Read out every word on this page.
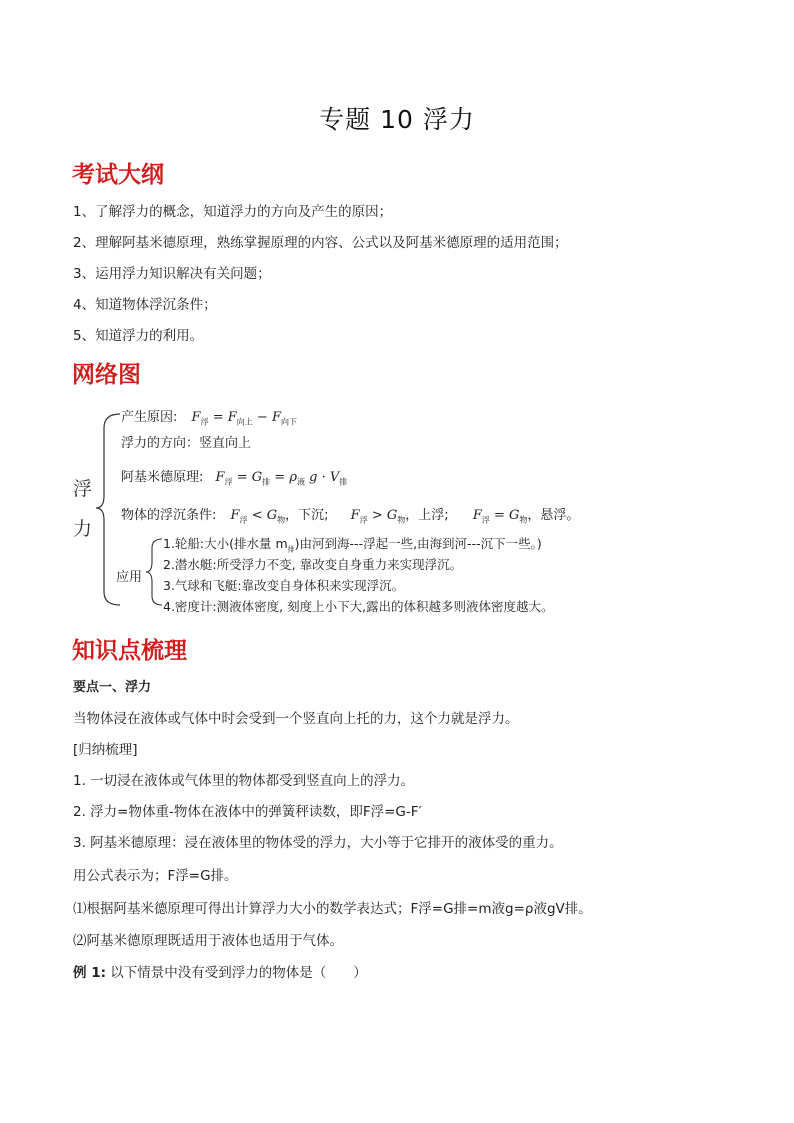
专题 10 浮力
考试大纲
1、了解浮力的概念，知道浮力的方向及产生的原因；
2、理解阿基米德原理，熟练掌握原理的内容、公式以及阿基米德原理的适用范围；
3、运用浮力知识解决有关问题；
4、知道物体浮沉条件；
5、知道浮力的利用。
网络图
浮
力
产生原因: $F_浮 = F_{向上} - F_{向下}$
浮力的方向：竖直向上
阿基米德原理: $F_浮 = G_排 = \rho_液$ $g \cdot V_排$
物体的浮沉条件: $F_浮 < G_物$，下沉; $F_浮 > G_物$，上浮; $F_浮 = G_物$，悬浮。
应用
1.轮船:大小(排水量 $m_排$)由河到海---浮起一些,由海到河---沉下一些。)
2.潜水艇:所受浮力不变, 靠改变自身重力来实现浮沉。
3.气球和飞艇:靠改变自身体积来实现浮沉。
4.密度计:测液体密度, 刻度上小下大,露出的体积越多则液体密度越大。
知识点梳理
要点一、浮力
当物体浸在液体或气体中时会受到一个竖直向上托的力，这个力就是浮力。
[归纳梳理]
1. 一切浸在液体或气体里的物体都受到竖直向上的浮力。
2. 浮力=物体重-物体在液体中的弹簧秤读数，即F浮=G-F′
3. 阿基米德原理：浸在液体里的物体受的浮力，大小等于它排开的液体受的重力。
用公式表示为；F浮=G排。
⑴根据阿基米德原理可得出计算浮力大小的数学表达式；F浮=G排=m液g=ρ液gV排。
⑵阿基米德原理既适用于液体也适用于气体。
例 1: 以下情景中没有受到浮力的物体是（　　）
